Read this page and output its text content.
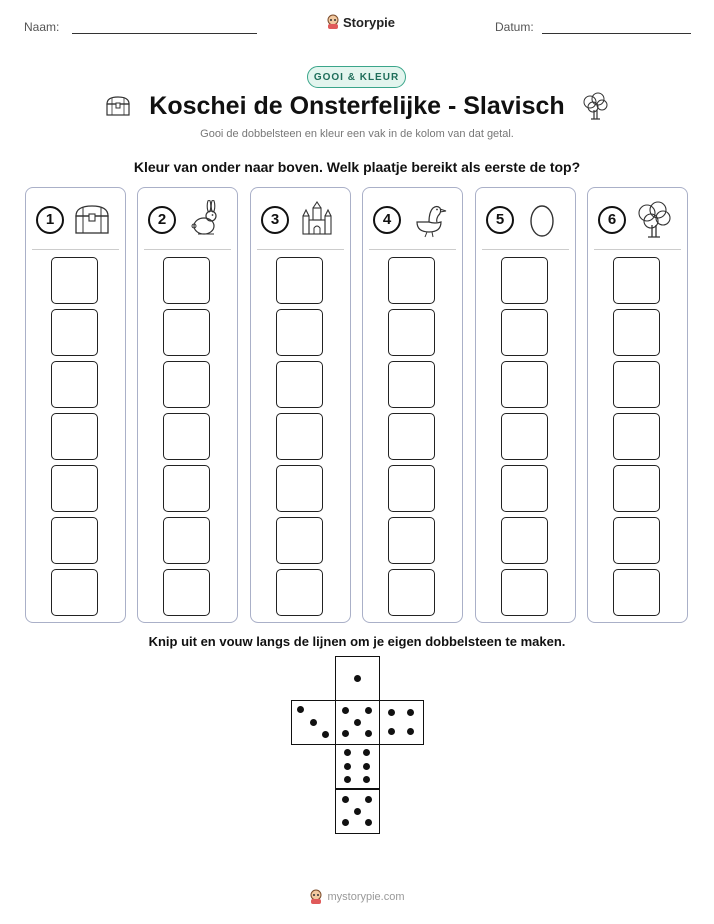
Naam:	Storypie	Datum:
GOOI & KLEUR
Koschei de Onsterfelijke - Slavisch
Gooi de dobbelsteen en kleur een vak in de kolom van dat getal.
Kleur van onder naar boven. Welk plaatje bereikt als eerste de top?
1	2	3	4	5	6
Knip uit en vouw langs de lijnen om je eigen dobbelsteen te maken.
mystorypie.com
